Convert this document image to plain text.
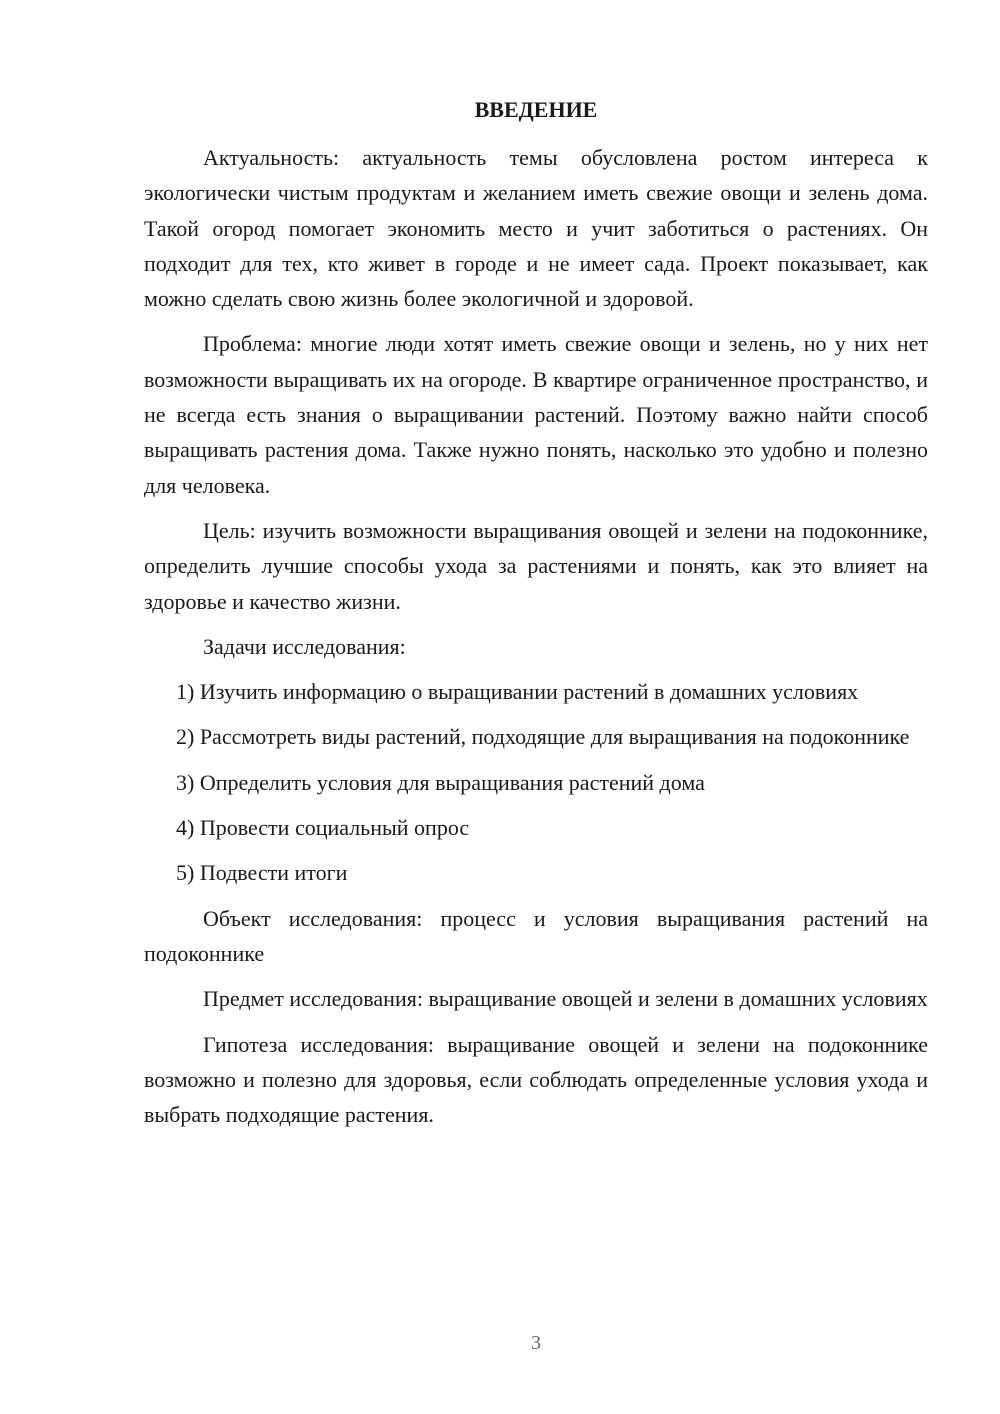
ВВЕДЕНИЕ

Актуальность: актуальность темы обусловлена ростом интереса к экологически чистым продуктам и желанием иметь свежие овощи и зелень дома. Такой огород помогает экономить место и учит заботиться о растениях. Он подходит для тех, кто живет в городе и не имеет сада. Проект показывает, как можно сделать свою жизнь более экологичной и здоровой.

Проблема: многие люди хотят иметь свежие овощи и зелень, но у них нет возможности выращивать их на огороде. В квартире ограниченное пространство, и не всегда есть знания о выращивании растений. Поэтому важно найти способ выращивать растения дома. Также нужно понять, насколько это удобно и полезно для человека.

Цель: изучить возможности выращивания овощей и зелени на подоконнике, определить лучшие способы ухода за растениями и понять, как это влияет на здоровье и качество жизни.

Задачи исследования:

1) Изучить информацию о выращивании растений в домашних условиях

2) Рассмотреть виды растений, подходящие для выращивания на подоконнике

3) Определить условия для выращивания растений дома

4) Провести социальный опрос

5) Подвести итоги

Объект исследования: процесс и условия выращивания растений на подоконнике

Предмет исследования: выращивание овощей и зелени в домашних условиях

Гипотеза исследования: выращивание овощей и зелени на подоконнике возможно и полезно для здоровья, если соблюдать определенные условия ухода и выбрать подходящие растения.

3
